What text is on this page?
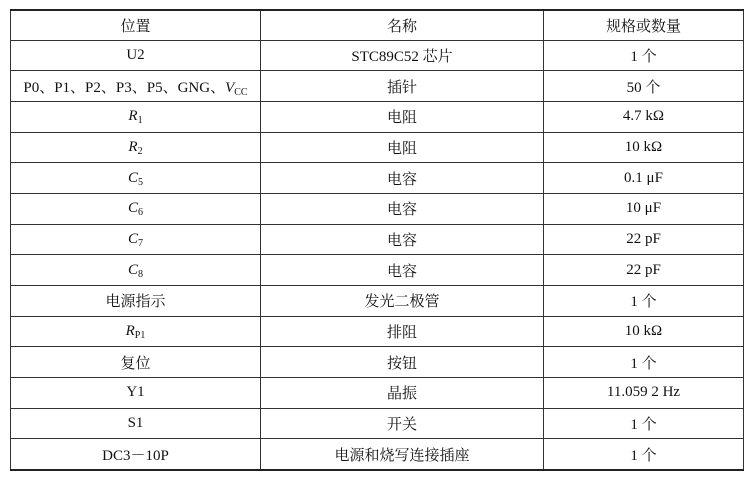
位置	名称	规格或数量
U2	STC89C52 芯片	1 个
P0、P1、P2、P3、P5、GNG、$V_{CC}$	插针	50 个
$R_1$	电阻	4.7 kΩ
$R_2$	电阻	10 kΩ
$C_5$	电容	0.1 μF
$C_6$	电容	10 μF
$C_7$	电容	22 pF
$C_8$	电容	22 pF
电源指示	发光二极管	1 个
$R_{P1}$	排阻	10 kΩ
复位	按钮	1 个
Y1	晶振	11.059 2 Hz
S1	开关	1 个
DC3－10P	电源和烧写连接插座	1 个
